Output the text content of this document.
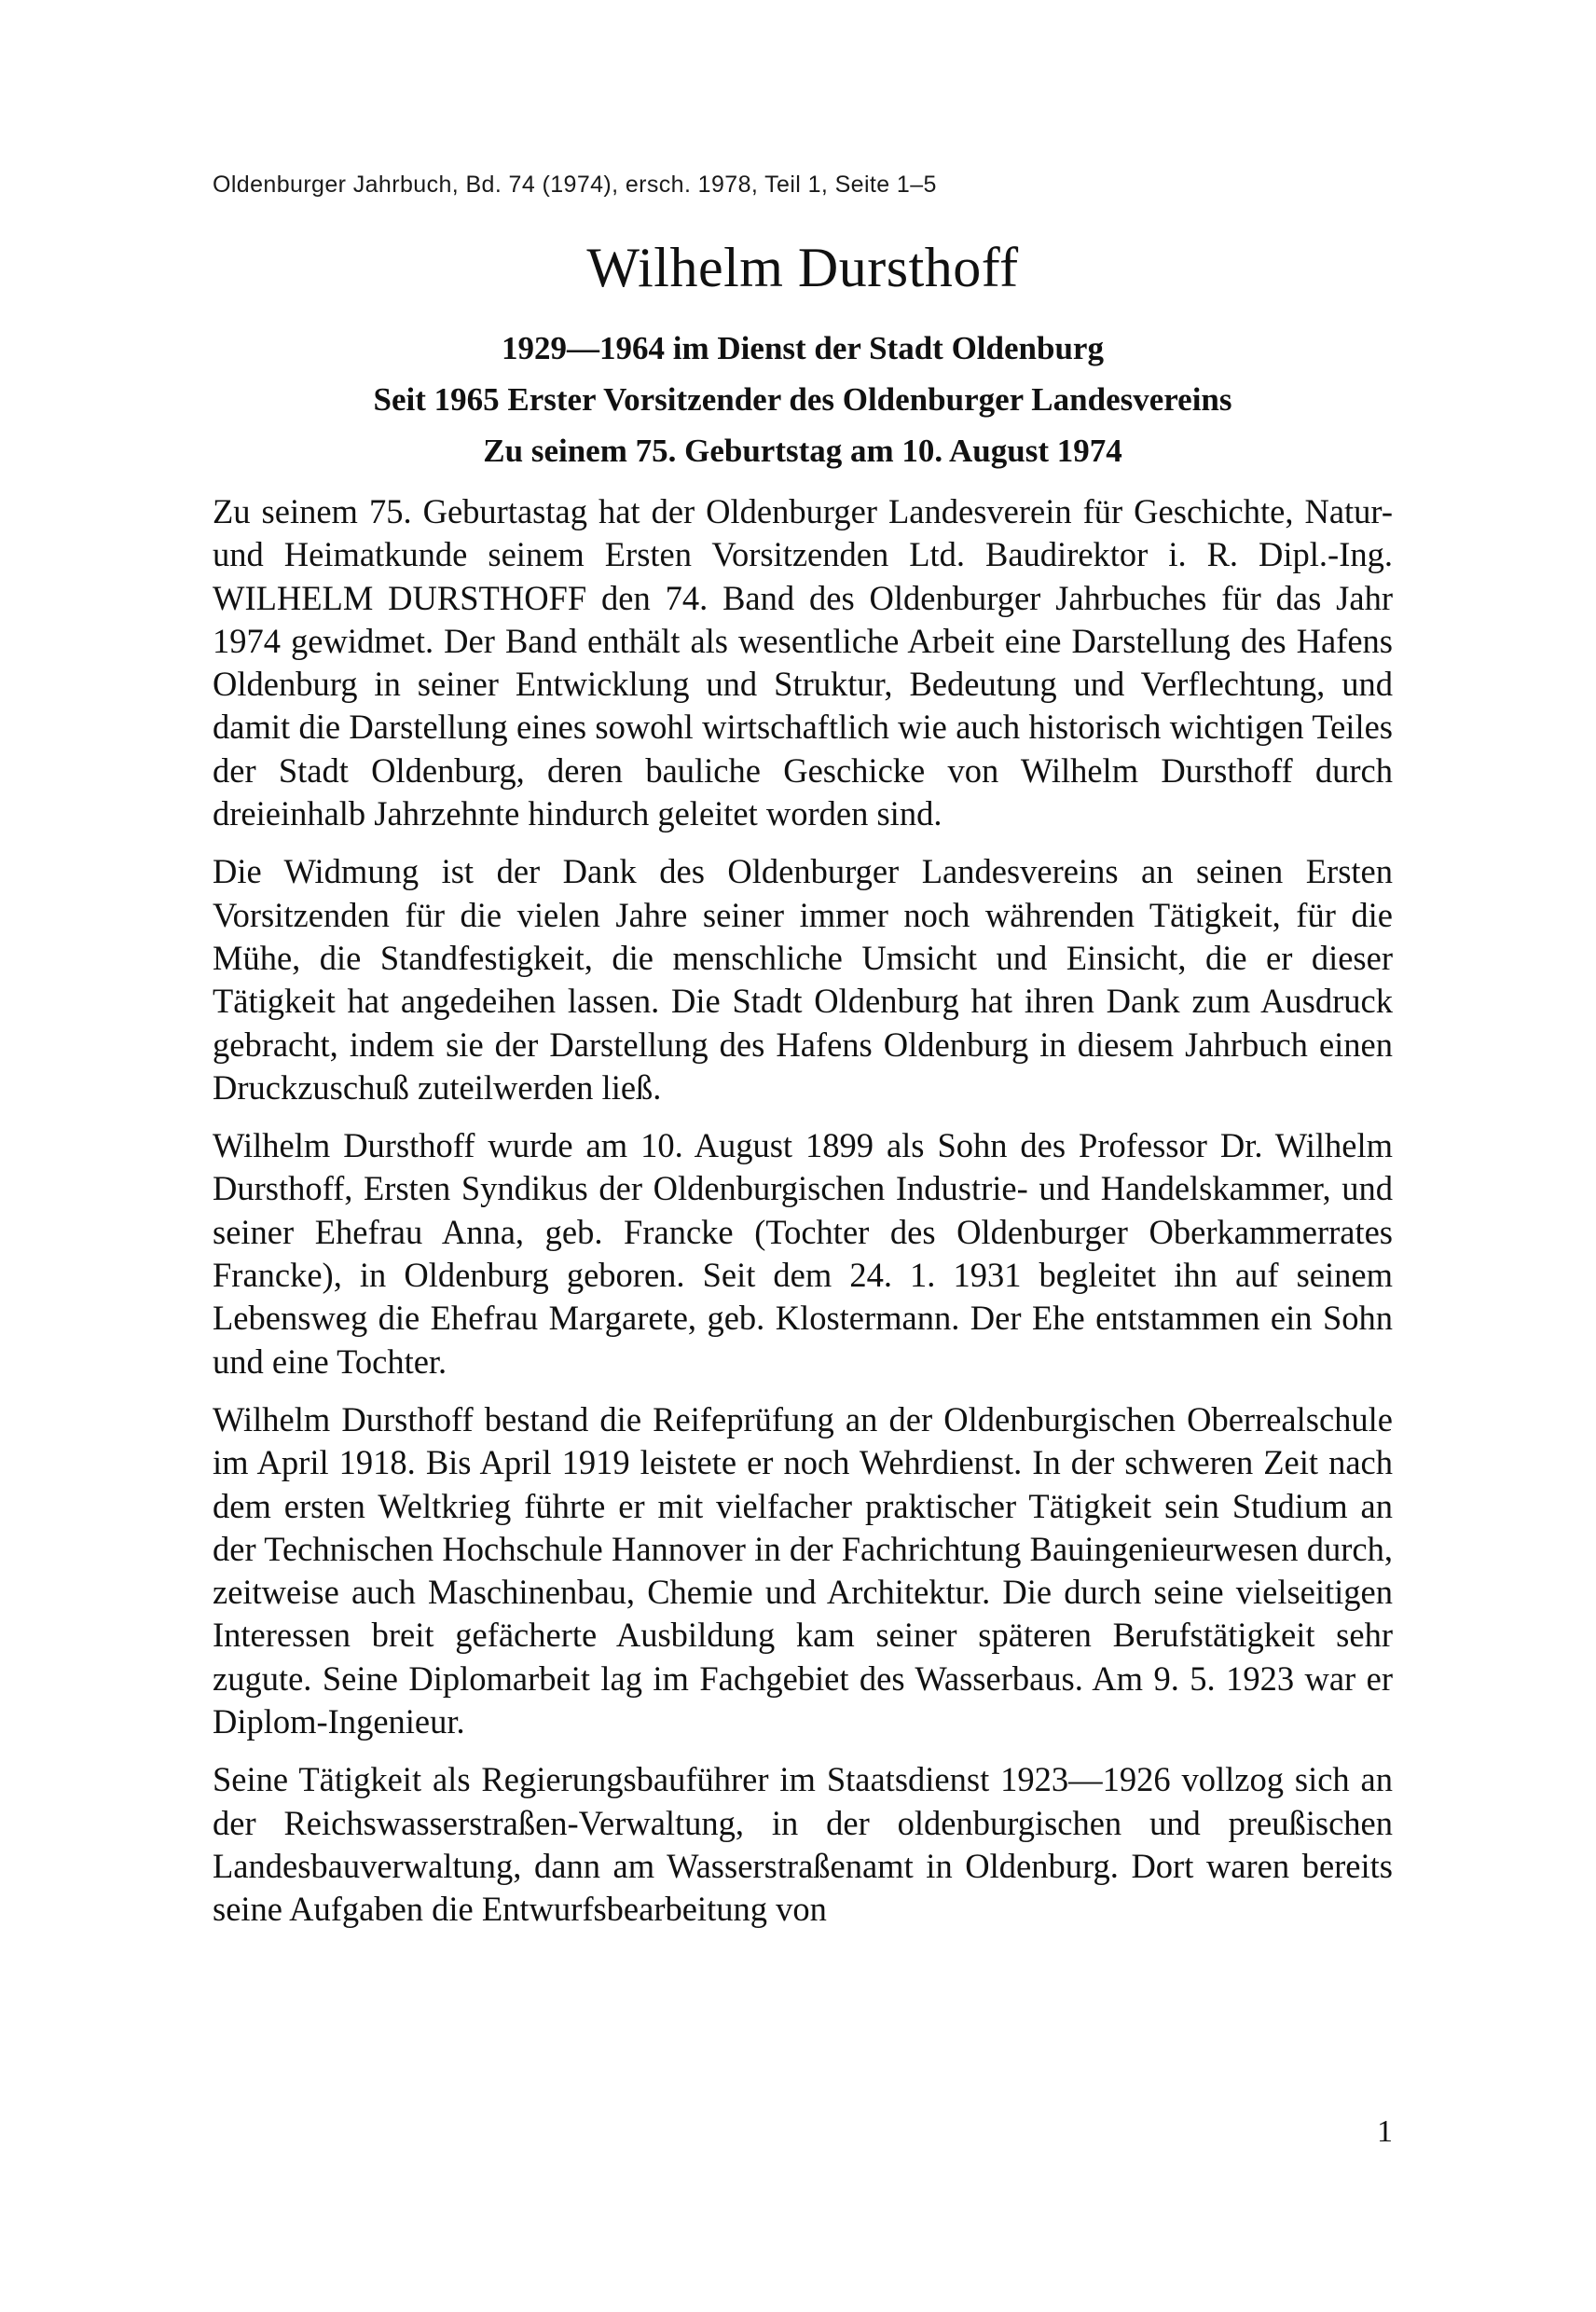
Oldenburger Jahrbuch, Bd. 74 (1974), ersch. 1978, Teil 1, Seite 1–5
Wilhelm Dursthoff
1929—1964 im Dienst der Stadt Oldenburg
Seit 1965 Erster Vorsitzender des Oldenburger Landesvereins
Zu seinem 75. Geburtstag am 10. August 1974

Zu seinem 75. Geburtastag hat der Oldenburger Landesverein für Geschichte, Natur- und Heimatkunde seinem Ersten Vorsitzenden Ltd. Baudirektor i. R. Dipl.-Ing. WILHELM DURSTHOFF den 74. Band des Oldenburger Jahrbuches für das Jahr 1974 gewidmet. Der Band enthält als wesentliche Arbeit eine Darstellung des Hafens Oldenburg in seiner Entwicklung und Struktur, Bedeutung und Verflechtung, und damit die Darstellung eines sowohl wirtschaftlich wie auch historisch wichtigen Teiles der Stadt Oldenburg, deren bauliche Geschicke von Wilhelm Dursthoff durch dreieinhalb Jahrzehnte hindurch geleitet worden sind.

Die Widmung ist der Dank des Oldenburger Landesvereins an seinen Ersten Vorsitzenden für die vielen Jahre seiner immer noch währenden Tätigkeit, für die Mühe, die Standfestigkeit, die menschliche Umsicht und Einsicht, die er dieser Tätigkeit hat angedeihen lassen. Die Stadt Oldenburg hat ihren Dank zum Ausdruck gebracht, indem sie der Darstellung des Hafens Oldenburg in diesem Jahrbuch einen Druckzuschuß zuteilwerden ließ.

Wilhelm Dursthoff wurde am 10. August 1899 als Sohn des Professor Dr. Wilhelm Dursthoff, Ersten Syndikus der Oldenburgischen Industrie- und Handelskammer, und seiner Ehefrau Anna, geb. Francke (Tochter des Oldenburger Oberkammerrates Francke), in Oldenburg geboren. Seit dem 24. 1. 1931 begleitet ihn auf seinem Lebensweg die Ehefrau Margarete, geb. Klostermann. Der Ehe entstammen ein Sohn und eine Tochter.

Wilhelm Dursthoff bestand die Reifeprüfung an der Oldenburgischen Oberrealschule im April 1918. Bis April 1919 leistete er noch Wehrdienst. In der schweren Zeit nach dem ersten Weltkrieg führte er mit vielfacher praktischer Tätigkeit sein Studium an der Technischen Hochschule Hannover in der Fachrichtung Bauingenieurwesen durch, zeitweise auch Maschinenbau, Chemie und Architektur. Die durch seine vielseitigen Interessen breit gefächerte Ausbildung kam seiner späteren Berufstätigkeit sehr zugute. Seine Diplomarbeit lag im Fachgebiet des Wasserbaus. Am 9. 5. 1923 war er Diplom-Ingenieur.

Seine Tätigkeit als Regierungsbauführer im Staatsdienst 1923—1926 vollzog sich an der Reichswasserstraßen-Verwaltung, in der oldenburgischen und preußischen Landesbauverwaltung, dann am Wasserstraßenamt in Oldenburg. Dort waren bereits seine Aufgaben die Entwurfsbearbeitung von

1
